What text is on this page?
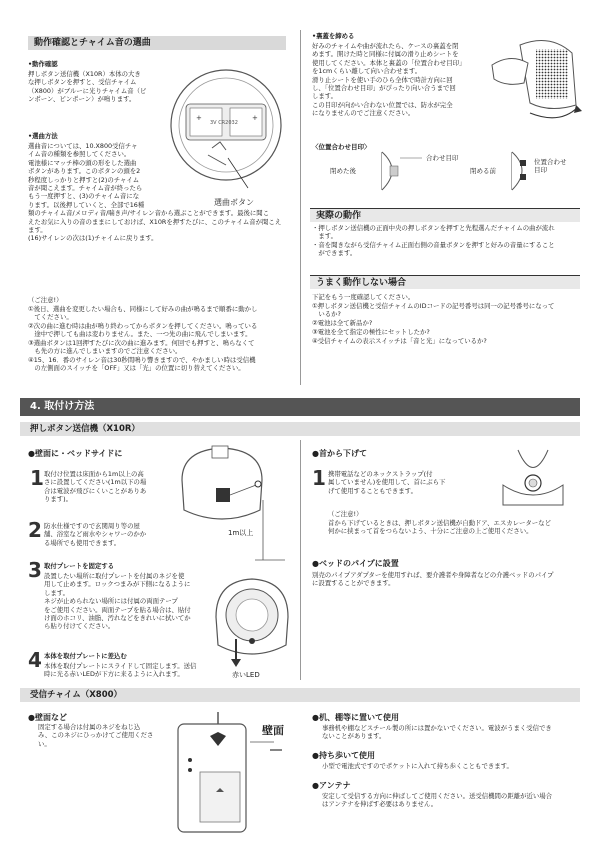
動作確認とチャイム音の選曲
•動作確認
押しボタン送信機（X10R）本体の大き
な押しボタンを押すと、受信チャイム
（X800）がブルーに光りチャイム音（ピ
ンポーン、ピンポーン）が鳴ります。
•選曲方法
選曲音については、10.X800受信チャ
イム音の種類を参照してください。
電池様にマッチ棒の頭の形をした選曲
ボタンがあります。このボタンの頭を2
秒程度しっかりと押すと(2)のチャイム
音が聞こえます。チャイム音が終ったら
もう一度押すと、(3)のチャイム音にな
ります。以後押していくと、全部で16種
類のチャイム音/メロディ音/喘き声/サイレン音から選ぶことができます。最後に聞こ
えたお気に入りの音のままにしておけば、X10Rを押すたびに、このチャイム音が聞こえ
ます。
(16)サイレンの次は(1)チャイムに戻ります。
+	+
3V CR2032
選曲ボタン
（ご注意!）
①後日、選曲を変更したい場合も、同様にして好みの曲が鳴るまで順番に動かし
　てください。
②次の曲に進む時は曲が鳴り終わってからボタンを押してください。鳴っている
　途中で押しても曲は変わりません。また、一つ先の曲に飛んでしまいます。
③選曲ボタンは1回押すたびに次の曲に進みます。何回でも押すと、鳴らなくて
　も先の方に進んでしまいますのでご注意ください。
④15、16．番のサイレン音は30秒間鳴り響きますので、やかましい時は受信機
　の左側面のスイッチを「OFF」又は「光」の位置に切り替えてください。
•裏蓋を締める
好みのチャイムや曲が流れたら、ケースの裏蓋を閉
めます。開けた時と同様に付属の滑り止めシートを
使用してください。本体と裏蓋の「位置合わせ目印」
を1cmくらい離して向い合わせます。
滑り止シートを使い手のひら全体で時計方向に回
し、「位置合わせ目印」がぴったり向い合うまで回
します。
この目印が向かい合わない位置では、防水が完全
になりませんのでご注意ください。
〈位置合わせ目印〉
閉めた後
合わせ目印
閉める前
位置合わせ
目印
実際の動作
・押しボタン送信機の正面中央の押しボタンを押すと先程選んだチャイムの曲が流れ
　ます。
・音を聞きながら受信チャイム正面右側の音量ボタンを押すと好みの音量にすること
　ができます。
うまく動作しない場合
下記をもう一度確認してください。
①押しボタン送信機と受信チャイムのIDコードの記号番号は同一の記号番号になって
　いるか?
②電池は全て新品か?
③電池を全て指定の極性にセットしたか?
④受信チャイムの表示スイッチは「音と光」になっているか?
4. 取付け方法
押しボタン送信機（X10R）
●壁面に・ベッドサイドに
1 取付け位置は床面から1m以上の高
さに設置してください(1m以下の場
合は電波が飛びにくいことがありあ
ります)。
2 防水仕様ですので玄関周り等の屋
舗、浴室など雨水やシャワーのかか
る場所でも使用できます。
3 取付プレートを固定する
設置したい場所に取付プレートを付属のネジを使
用して止めます。ロックつまみが下側になるように
します。
ネジが止められない場所には付属の両面テープ
をご使用ください。両面テープを貼る場合は、貼付
け面のホコリ、油脂、汚れなどをきれいに拭いてか
ら貼り付けてください。
4 本体を取付プレートに差込む
本体を取付プレートにスライドして固定します。送信
時に光る赤いLEDが下方に来るように入れます。
1m以上
赤いLED
●首から下げて
1 携帯電話などのネックストラップ(付
属していません)を使用して、首にぶら下
げて使用することもできます。
（ご注意!）
首から下げているときは、押しボタン送信機が自動ドア、エスカレーターなど
何かに挟まって首をつらないよう、十分にご注意の上ご使用ください。
●ベッドのパイプに設置
別売のパイプアダプターを使用すれば、要介護者や身障者などの介護ベッドのパイプ
に設置することができます。
受信チャイム（X800）
●壁面など
固定する場合は付属のネジをねじ込
み、このネジにひっかけてご使用くださ
い。
壁面
●机、棚等に置いて使用
事務机や棚などスチール製の所には置かないでください。電波がうまく受信でき
ないことがあります。
●持ち歩いて使用
小型で電池式ですのでポケットに入れて持ち歩くこともできます。
●アンテナ
安定して受信する方向に伸ばしてご使用ください。送受信機間の距離が近い場合
はアンテナを伸ばす必要はありません。
